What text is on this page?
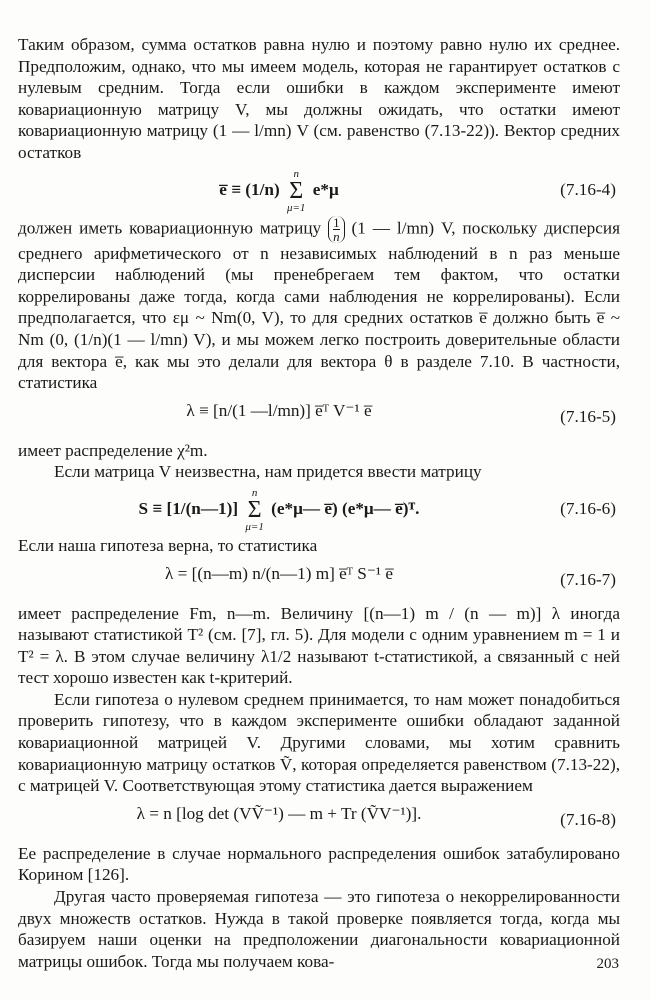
Таким образом, сумма остатков равна нулю и поэтому равно нулю их среднее. Предположим, однако, что мы имеем модель, которая не гарантирует остатков с нулевым средним. Тогда если ошибки в каждом эксперименте имеют ковариационную матрицу V, мы должны ожидать, что остатки имеют ковариационную матрицу (1 — l/mn) V (см. равенство (7.13-22)). Вектор средних остатков

e̅ ≡ (1/n)
n
Σ
μ=1
e*μ	(7.16-4)

должен иметь ковариационную матрицу $\frac{1}{n} (1$ — l/mn) V, поскольку дисперсия среднего арифметического от n независимых наблюдений в n раз меньше дисперсии наблюдений (мы пренебрегаем тем фактом, что остатки коррелированы даже тогда, когда сами наблюдения не коррелированы). Если предполагается, что εμ ~ Nm(0, V), то для средних остатков e̅ должно быть e̅ ~ Nm (0, (1/n)(1 — l/mn) V), и мы можем легко построить доверительные области для вектора e̅, как мы это делали для вектора θ в разделе 7.10. В частности, статистика

λ ≡ [n/(1 —l/mn)] e̅ᵀ V⁻¹ e̅	(7.16-5)

имеет распределение χ²m.

Если матрица V неизвестна, нам придется ввести матрицу

S ≡ [1/(n—1)]
n
Σ
μ=1
(e*μ— e̅) (e*μ— e̅)ᵀ.	(7.16-6)

Если наша гипотеза верна, то статистика

λ = [(n—m) n/(n—1) m] e̅ᵀ S⁻¹ e̅	(7.16-7)

имеет распределение Fm, n—m. Величину [(n—1) m / (n — m)] λ иногда называют статистикой T² (см. [7], гл. 5). Для модели с одним уравнением m = 1 и T² = λ. В этом случае величину λ1/2 называют t-статистикой, а связанный с ней тест хорошо известен как t-критерий.

Если гипотеза о нулевом среднем принимается, то нам может понадобиться проверить гипотезу, что в каждом эксперименте ошибки обладают заданной ковариационной матрицей V. Другими словами, мы хотим сравнить ковариационную матрицу остатков Ṽ, которая определяется равенством (7.13-22), с матрицей V. Соответствующая этому статистика дается выражением

λ = n [log det (VṼ⁻¹) — m + Tr (ṼV⁻¹)].	(7.16-8)

Ее распределение в случае нормального распределения ошибок затабулировано Корином [126].

Другая часто проверяемая гипотеза — это гипотеза о некоррелированности двух множеств остатков. Нужда в такой проверке появляется тогда, когда мы базируем наши оценки на предположении диагональности ковариационной матрицы ошибок. Тогда мы получаем кова-	203
